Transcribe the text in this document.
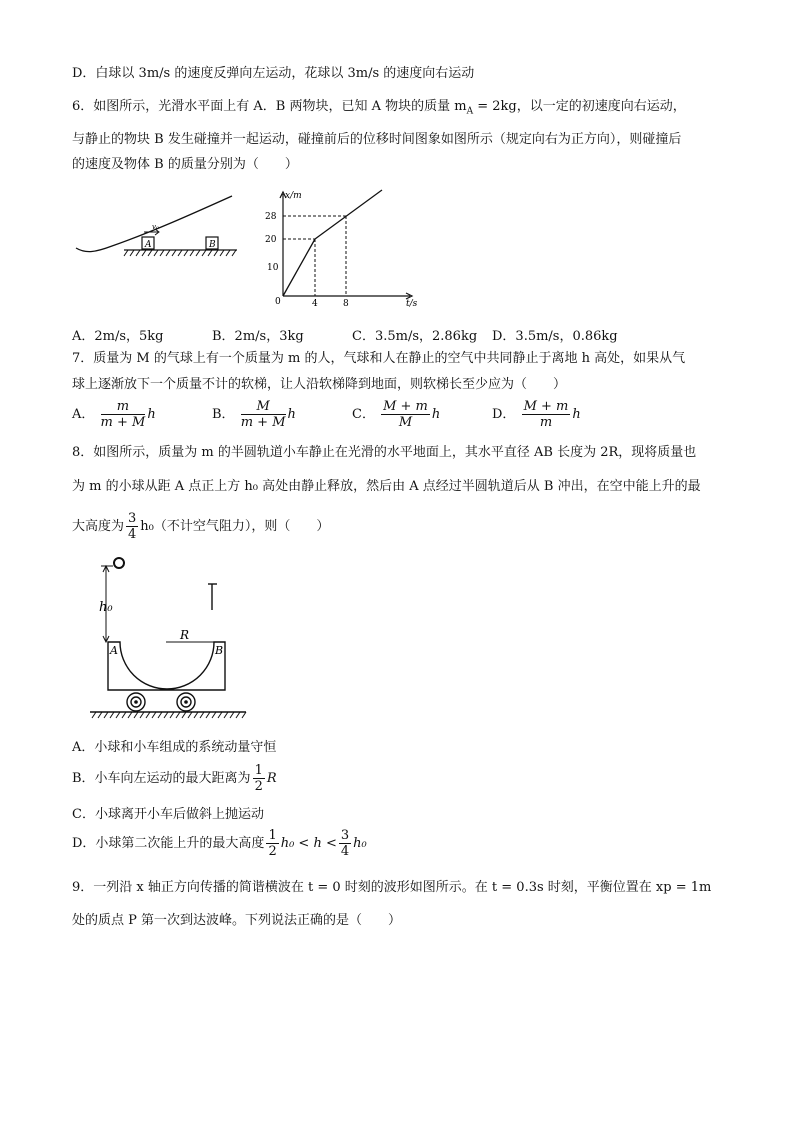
D．白球以 3m/s 的速度反弹向左运动，花球以 3m/s 的速度向右运动
6．如图所示，光滑水平面上有 A．B 两物块，已知 A 物块的质量 $m_A = 2kg$，以一定的初速度向右运动，
与静止的物块 B 发生碰撞并一起运动，碰撞前后的位移时间图象如图所示（规定向右为正方向），则碰撞后
的速度及物体 B 的质量分别为（　　）
A	B
v₀
x/m
t/s
28
20
10
0	4	8
A．2m/s，5kg	B．2m/s，3kg	C．3.5m/s，2.86kg D．3.5m/s，0.86kg
7．质量为 M 的气球上有一个质量为 m 的人，气球和人在静止的空气中共同静止于离地 h 高处，如果从气
球上逐渐放下一个质量不计的软梯，让人沿软梯降到地面，则软梯长至少应为（　　）
A． $\frac{m}{m + M}$ h	B． $\frac{M}{m + M}$ h	C． $\frac{M + m}{M}$ h	D． $\frac{M + m}{m}$ h
8．如图所示，质量为 m 的半圆轨道小车静止在光滑的水平地面上，其水平直径 AB 长度为 2R，现将质量也
为 m 的小球从距 A 点正上方 h₀ 高处由静止释放，然后由 A 点经过半圆轨道后从 B 冲出，在空中能上升的最
大高度为 $\frac{3}{4} h_0$（不计空气阻力），则（　　）
h₀
R
A	B
A．小球和小车组成的系统动量守恒
B．小车向左运动的最大距离为 $\frac{1}{2}$ R
C．小球离开小车后做斜上抛运动
D．小球第二次能上升的最大高度 $\frac{1}{2} h_0 < h < \frac{3}{4} h_0$
9．一列沿 x 轴正方向传播的简谐横波在 t = 0 时刻的波形如图所示。在 t = 0.3s 时刻，平衡位置在 xp = 1m
处的质点 P 第一次到达波峰。下列说法正确的是（　　）
